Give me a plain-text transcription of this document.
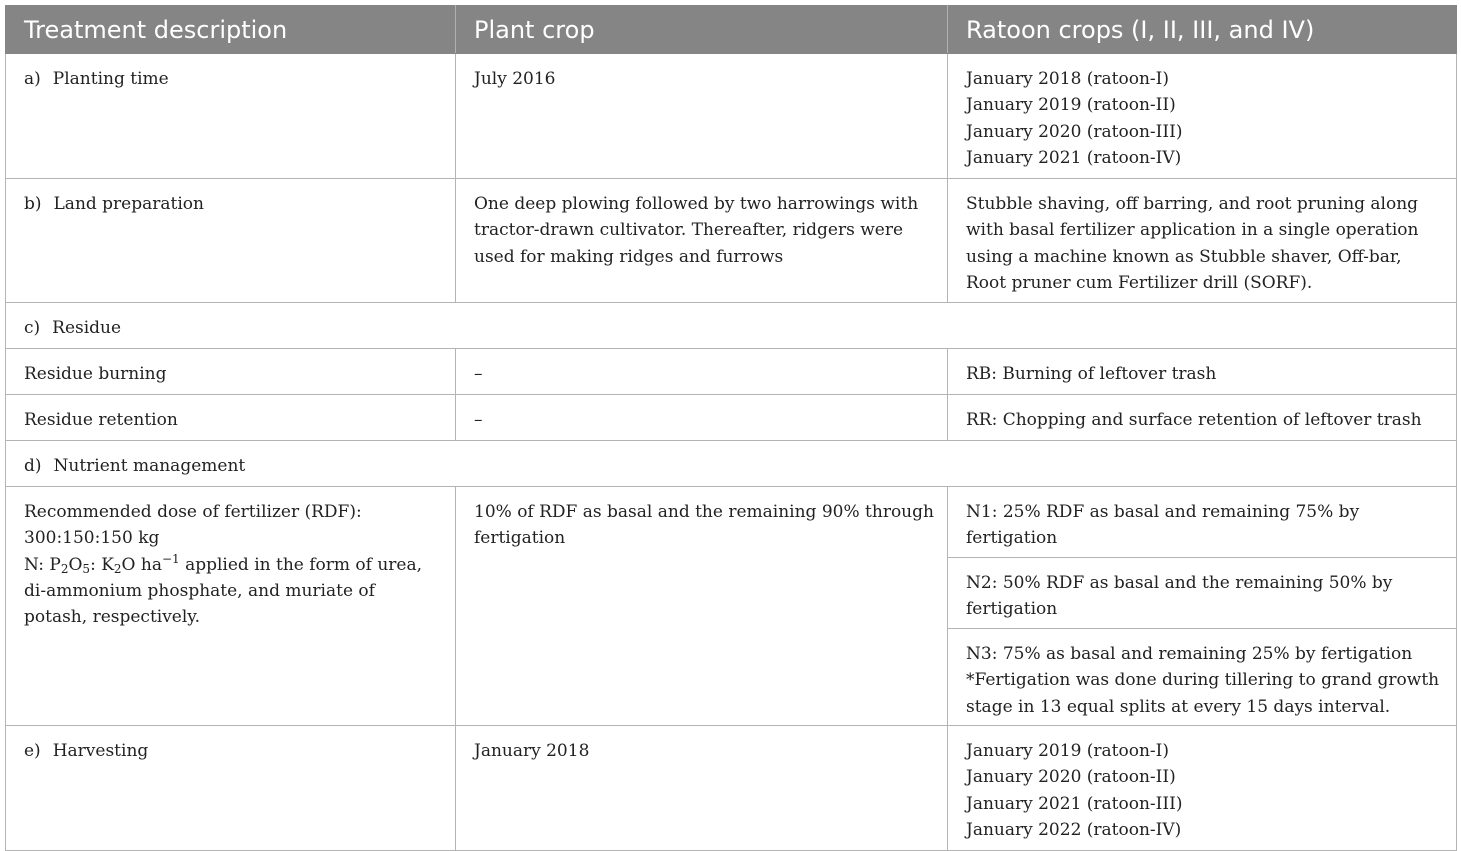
Treatment description	Plant crop	Ratoon crops (I, II, III, and IV)
a) Planting time	July 2016	January 2018 (ratoon-I)
January 2019 (ratoon-II)
January 2020 (ratoon-III)
January 2021 (ratoon-IV)

b) Land preparation	One deep plowing followed by two harrowings with tractor-drawn cultivator. Thereafter, ridgers were used for making ridges and furrows	Stubble shaving, off barring, and root pruning along with basal fertilizer application in a single operation using a machine known as Stubble shaver, Off-bar, Root pruner cum Fertilizer drill (SORF).
c) Residue		
Residue burning	–	RB: Burning of leftover trash
Residue retention	–	RR: Chopping and surface retention of leftover trash
d) Nutrient management		

Recommended dose of fertilizer (RDF):
300:150:150 kg
N: $P_2O_5$: $K_2O$ $ha^{-1}$ applied in the form of urea, di-ammonium phosphate, and muriate of potash, respectively.	10% of RDF as basal and the remaining 90% through fertigation	N1: 25% RDF as basal and remaining 75% by fertigation
		N2: 50% RDF as basal and the remaining 50% by fertigation

		N3: 75% as basal and remaining 25% by fertigation
*Fertigation was done during tillering to grand growth stage in 13 equal splits at every 15 days interval.

e) Harvesting	January 2018	January 2019 (ratoon-I)
January 2020 (ratoon-II)
January 2021 (ratoon-III)
January 2022 (ratoon-IV)
